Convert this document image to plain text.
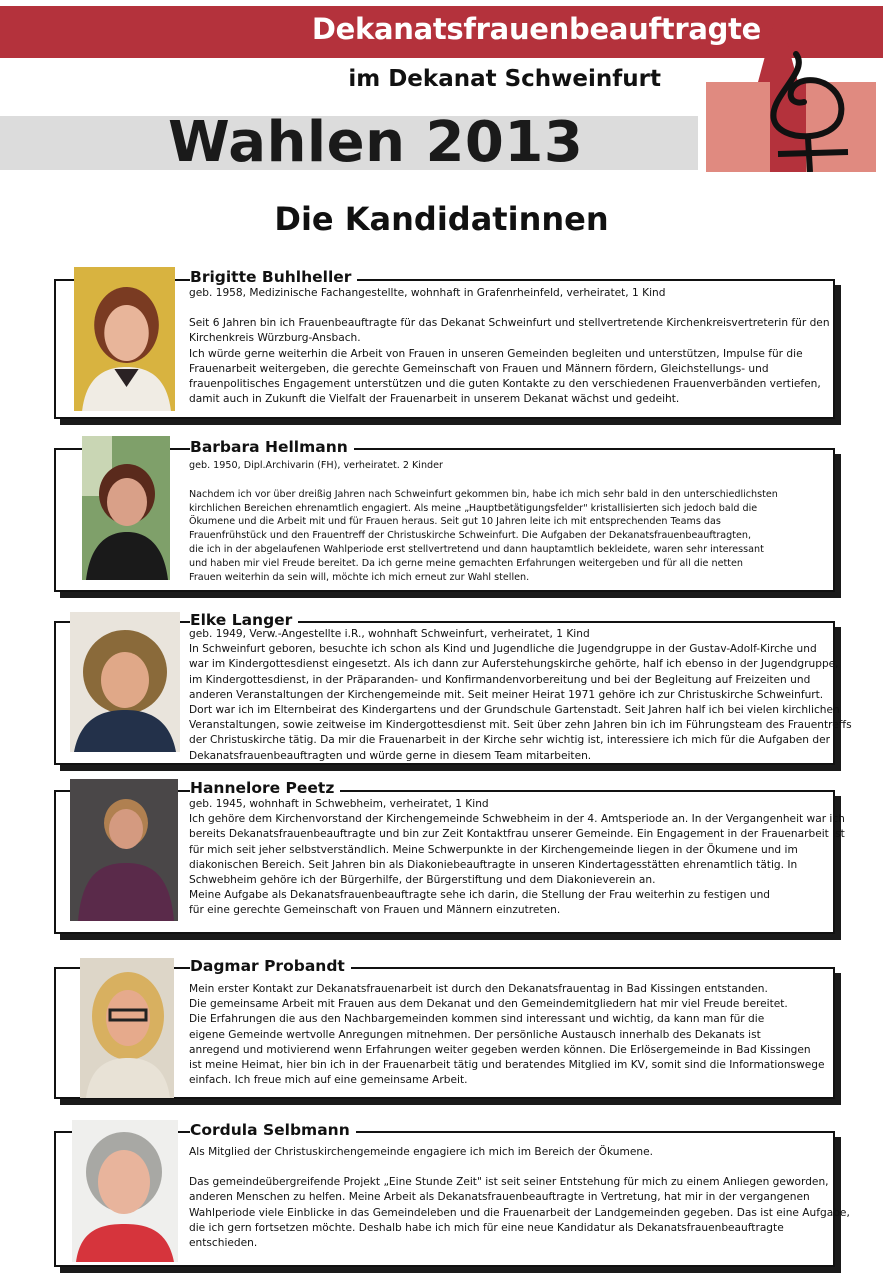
Dekanatsfrauenbeauftragte
im Dekanat Schweinfurt
Wahlen 2013
Die Kandidatinnen
Brigitte Buhlheller

geb. 1958, Medizinische Fachangestellte, wohnhaft in Grafenrheinfeld, verheiratet, 1 Kind

Seit 6 Jahren bin ich Frauenbeauftragte für das Dekanat Schweinfurt und stellvertretende Kirchenkreisvertreterin für den
Kirchenkreis Würzburg-Ansbach.
Ich würde gerne weiterhin die Arbeit von Frauen in unseren Gemeinden begleiten und unterstützen, Impulse für die
Frauenarbeit weitergeben, die gerechte Gemeinschaft von Frauen und Männern fördern, Gleichstellungs- und
frauenpolitisches Engagement unterstützen und die guten Kontakte zu den verschiedenen Frauenverbänden vertiefen,
damit auch in Zukunft die Vielfalt der Frauenarbeit in unserem Dekanat wächst und gedeiht.

Barbara Hellmann

geb. 1950, Dipl.Archivarin (FH), verheiratet. 2 Kinder

Nachdem ich vor über dreißig Jahren nach Schweinfurt gekommen bin, habe ich mich sehr bald in den unterschiedlichsten
kirchlichen Bereichen ehrenamtlich engagiert. Als meine „Hauptbetätigungsfelder" kristallisierten sich jedoch bald die
Ökumene und die Arbeit mit und für Frauen heraus. Seit gut 10 Jahren leite ich mit entsprechenden Teams das
Frauenfrühstück und den Frauentreff der Christuskirche Schweinfurt. Die Aufgaben der Dekanatsfrauenbeauftragten,
die ich in der abgelaufenen Wahlperiode erst stellvertretend und dann hauptamtlich bekleidete, waren sehr interessant
und haben mir viel Freude bereitet. Da ich gerne meine gemachten Erfahrungen weitergeben und für all die netten
Frauen weiterhin da sein will, möchte ich mich erneut zur Wahl stellen.

Elke Langer

geb. 1949, Verw.-Angestellte i.R., wohnhaft Schweinfurt, verheiratet, 1 Kind

In Schweinfurt geboren, besuchte ich schon als Kind und Jugendliche die Jugendgruppe in der Gustav-Adolf-Kirche und
war im Kindergottesdienst eingesetzt. Als ich dann zur Auferstehungskirche gehörte, half ich ebenso in der Jugendgruppe,
im Kindergottesdienst, in der Präparanden- und Konfirmandenvorbereitung und bei der Begleitung auf Freizeiten und
anderen Veranstaltungen der Kirchengemeinde mit. Seit meiner Heirat 1971 gehöre ich zur Christuskirche Schweinfurt.
Dort war ich im Elternbeirat des Kindergartens und der Grundschule Gartenstadt. Seit Jahren half ich bei vielen kirchlichen
Veranstaltungen, sowie zeitweise im Kindergottesdienst mit. Seit über zehn Jahren bin ich im Führungsteam des Frauentreffs
der Christuskirche tätig. Da mir die Frauenarbeit in der Kirche sehr wichtig ist, interessiere ich mich für die Aufgaben der
Dekanatsfrauenbeauftragten und würde gerne in diesem Team mitarbeiten.

Hannelore Peetz

geb. 1945, wohnhaft in Schwebheim, verheiratet, 1 Kind

Ich gehöre dem Kirchenvorstand der Kirchengemeinde Schwebheim in der 4. Amtsperiode an. In der Vergangenheit war ich
bereits Dekanatsfrauenbeauftragte und bin zur Zeit Kontaktfrau unserer Gemeinde. Ein Engagement in der Frauenarbeit ist
für mich seit jeher selbstverständlich. Meine Schwerpunkte in der Kirchengemeinde liegen in der Ökumene und im
diakonischen Bereich. Seit Jahren bin als Diakoniebeauftragte in unseren Kindertagesstätten ehrenamtlich tätig. In
Schwebheim gehöre ich der Bürgerhilfe, der Bürgerstiftung und dem Diakonieverein an.
Meine Aufgabe als Dekanatsfrauenbeauftragte sehe ich darin, die Stellung der Frau weiterhin zu festigen und
für eine gerechte Gemeinschaft von Frauen und Männern einzutreten.

Dagmar Probandt

Mein erster Kontakt zur Dekanatsfrauenarbeit ist durch den Dekanatsfrauentag in Bad Kissingen entstanden.
Die gemeinsame Arbeit mit Frauen aus dem Dekanat und den Gemeindemitgliedern hat mir viel Freude bereitet.
Die Erfahrungen die aus den Nachbargemeinden kommen sind interessant und wichtig, da kann man für die
eigene Gemeinde wertvolle Anregungen mitnehmen. Der persönliche Austausch innerhalb des Dekanats ist
anregend und motivierend wenn Erfahrungen weiter gegeben werden können. Die Erlösergemeinde in Bad Kissingen
ist meine Heimat, hier bin ich in der Frauenarbeit tätig und beratendes Mitglied im KV, somit sind die Informationswege
einfach. Ich freue mich auf eine gemeinsame Arbeit.

Cordula Selbmann

Als Mitglied der Christuskirchengemeinde engagiere ich mich im Bereich der Ökumene.

Das gemeindeübergreifende Projekt „Eine Stunde Zeit" ist seit seiner Entstehung für mich zu einem Anliegen geworden,
anderen Menschen zu helfen. Meine Arbeit als Dekanatsfrauenbeauftragte in Vertretung, hat mir in der vergangenen
Wahlperiode viele Einblicke in das Gemeindeleben und die Frauenarbeit der Landgemeinden gegeben. Das ist eine Aufgabe,
die ich gern fortsetzen möchte. Deshalb habe ich mich für eine neue Kandidatur als Dekanatsfrauenbeauftragte
entschieden.
